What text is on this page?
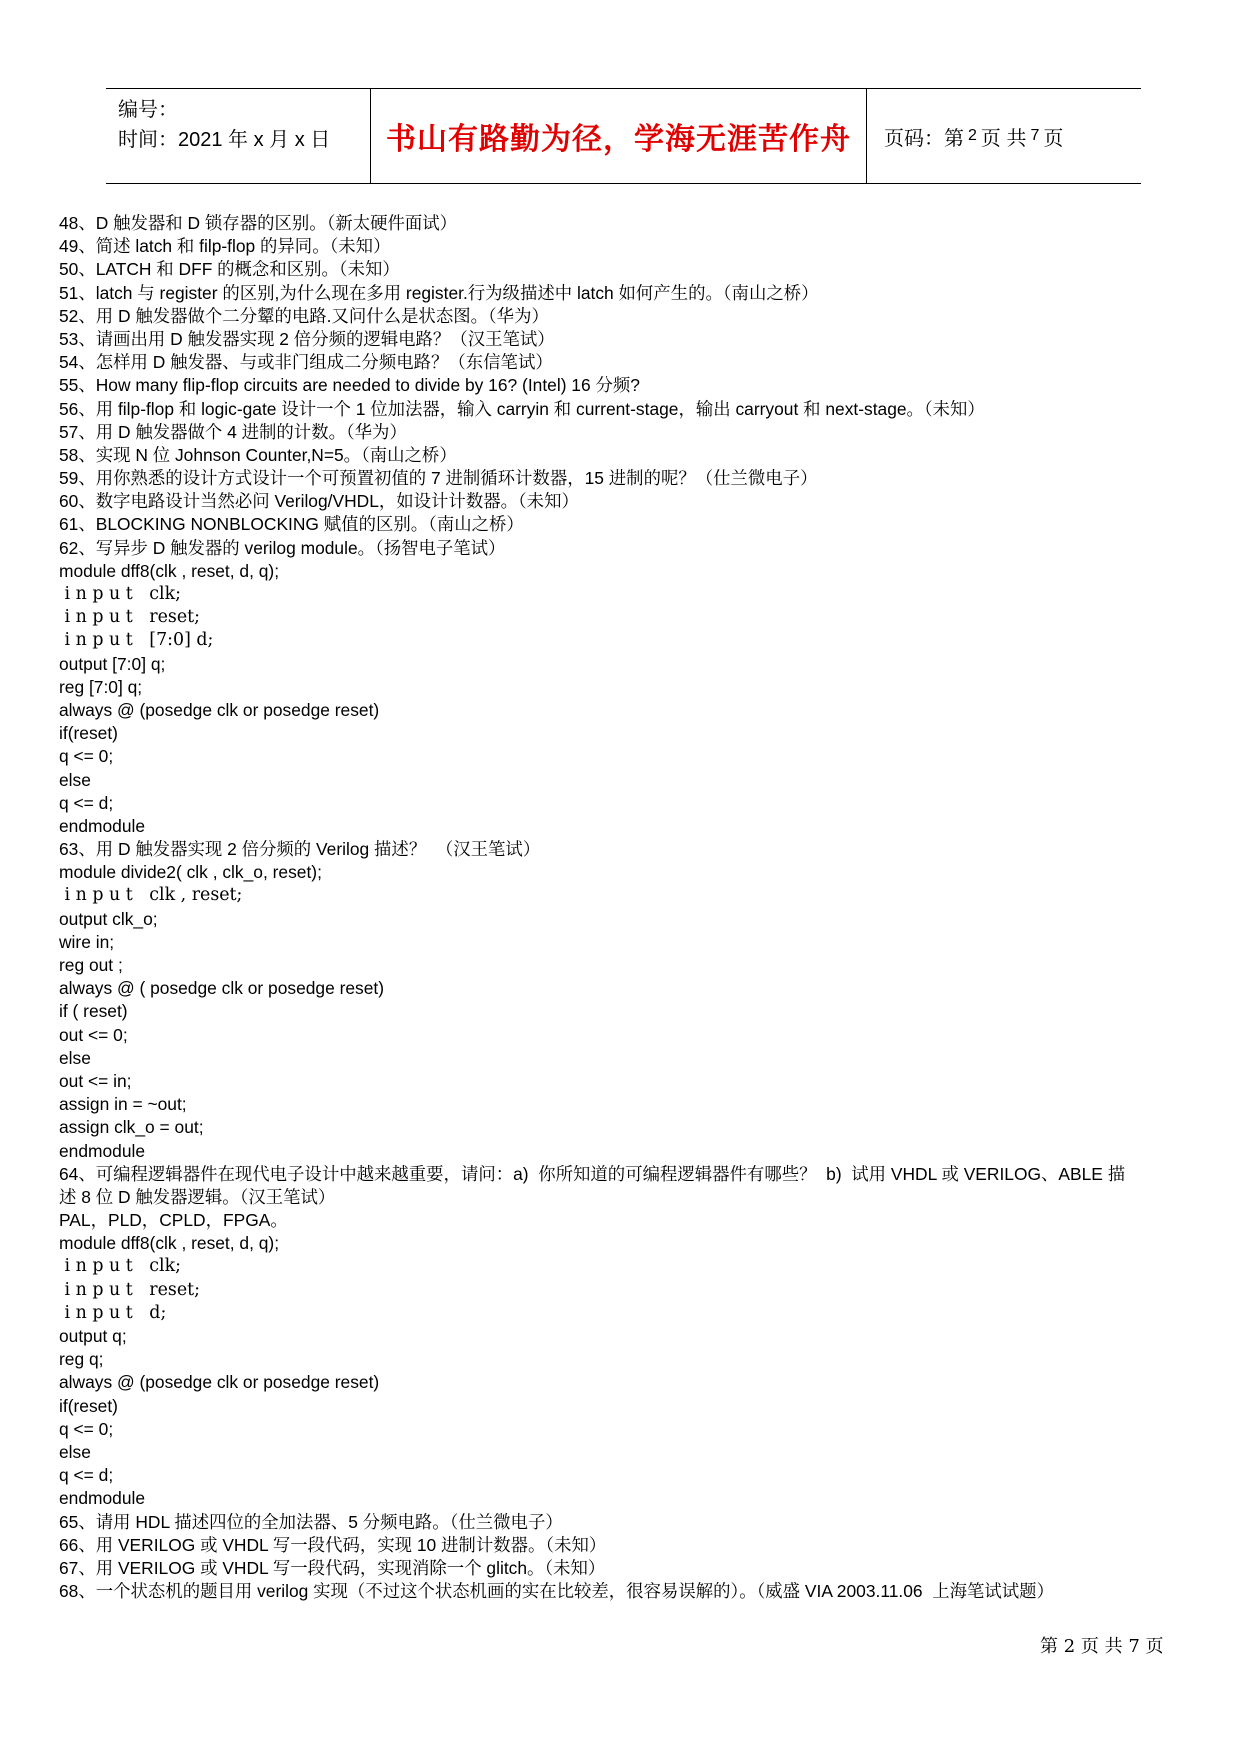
编号：
时间：2021 年 x 月 x 日	书山有路勤为径，学海无涯苦作舟	页码：第 2 页 共 7 页
48、D 触发器和 D 锁存器的区别。（新太硬件面试）
49、简述 latch 和 filp-flop 的异同。（未知）
50、LATCH 和 DFF 的概念和区别。（未知）
51、latch 与 register 的区别,为什么现在多用 register.行为级描述中 latch 如何产生的。（南山之桥）
52、用 D 触发器做个二分颦的电路.又问什么是状态图。（华为）
53、请画出用 D 触发器实现 2 倍分频的逻辑电路？（汉王笔试）
54、怎样用 D 触发器、与或非门组成二分频电路？（东信笔试）
55、How many flip-flop circuits are needed to divide by 16? (Intel) 16 分频?
56、用 filp-flop 和 logic-gate 设计一个 1 位加法器，输入 carryin 和 current-stage，输出 carryout 和 next-stage。（未知）
57、用 D 触发器做个 4 进制的计数。（华为）
58、实现 N 位 Johnson Counter,N=5。（南山之桥）
59、用你熟悉的设计方式设计一个可预置初值的 7 进制循环计数器，15 进制的呢？（仕兰微电子）
60、数字电路设计当然必问 Verilog/VHDL，如设计计数器。（未知）
61、BLOCKING NONBLOCKING 赋值的区别。（南山之桥）
62、写异步 D 触发器的 verilog module。（扬智电子笔试）
module dff8(clk , reset, d, q);
i n p u t   clk;
i n p u t   reset;
i n p u t   [7:0] d;
output [7:0] q;
reg [7:0] q;
always @ (posedge clk or posedge reset)
if(reset)
q <= 0;
else
q <= d;
endmodule
63、用 D 触发器实现 2 倍分频的 Verilog 描述？  （汉王笔试）
module divide2( clk , clk_o, reset);
i n p u t   clk , reset;
output clk_o;
wire in;
reg out ;
always @ ( posedge clk or posedge reset)
if ( reset)
out <= 0;
else
out <= in;
assign in = ~out;
assign clk_o = out;
endmodule
64、可编程逻辑器件在现代电子设计中越来越重要，请问：a)  你所知道的可编程逻辑器件有哪些？  b)  试用 VHDL 或 VERILOG、ABLE 描
述 8 位 D 触发器逻辑。（汉王笔试）
PAL，PLD，CPLD，FPGA。
module dff8(clk , reset, d, q);
i n p u t   clk;
i n p u t   reset;
i n p u t   d;
output q;
reg q;
always @ (posedge clk or posedge reset)
if(reset)
q <= 0;
else
q <= d;
endmodule
65、请用 HDL 描述四位的全加法器、5 分频电路。（仕兰微电子）
66、用 VERILOG 或 VHDL 写一段代码，实现 10 进制计数器。（未知）
67、用 VERILOG 或 VHDL 写一段代码，实现消除一个 glitch。（未知）
68、一个状态机的题目用 verilog 实现（不过这个状态机画的实在比较差，很容易误解的）。（威盛 VIA 2003.11.06  上海笔试试题）
第 2 页 共 7 页
